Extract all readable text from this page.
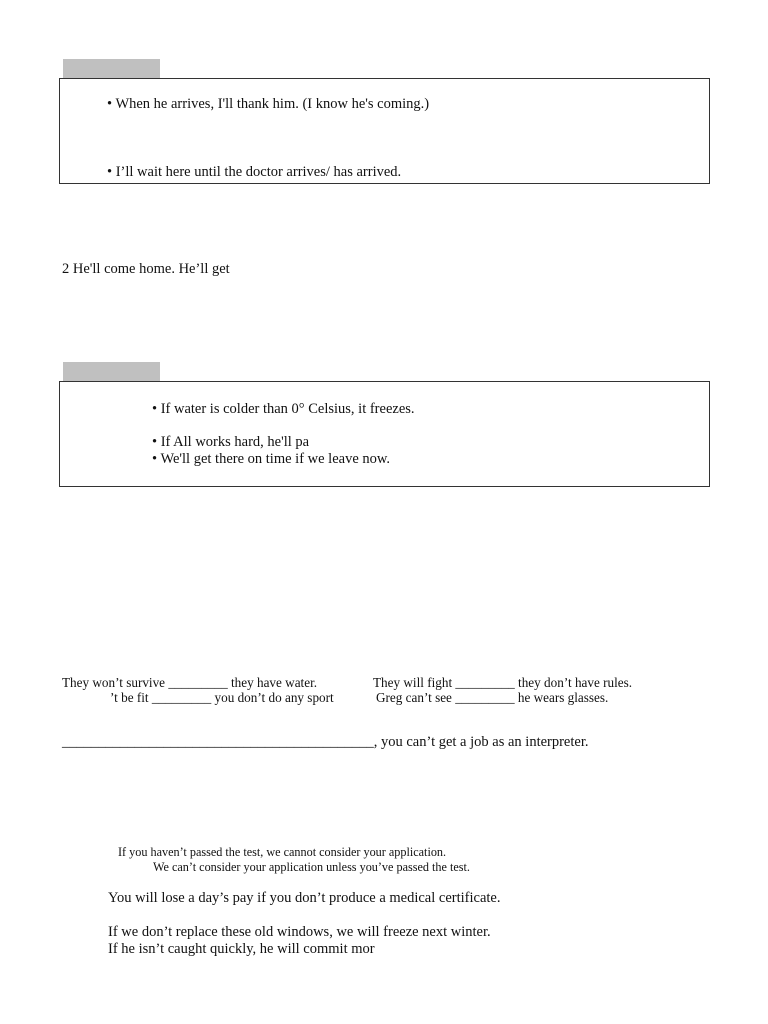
• When he arrives, I'll thank him. (I know he's coming.)
• I’ll wait here until the doctor arrives/ has arrived.
2 He'll come home. He’ll get
• If water is colder than 0° Celsius, it freezes.
• If All works hard, he'll pa
• We'll get there on time if we leave now.
They won’t survive _________ they have water.	They will fight _________ they don’t have rules.
’t be fit _________ you don’t do any sport	Greg can’t see _________ he wears glasses.
___________________________________________, you can’t get a job as an interpreter.
If you haven’t passed the test, we cannot consider your application.
We can’t consider your application unless you’ve passed the test.
You will lose a day’s pay if you don’t produce a medical certificate.
If we don’t replace these old windows, we will freeze next winter.
If he isn’t caught quickly, he will commit mor
